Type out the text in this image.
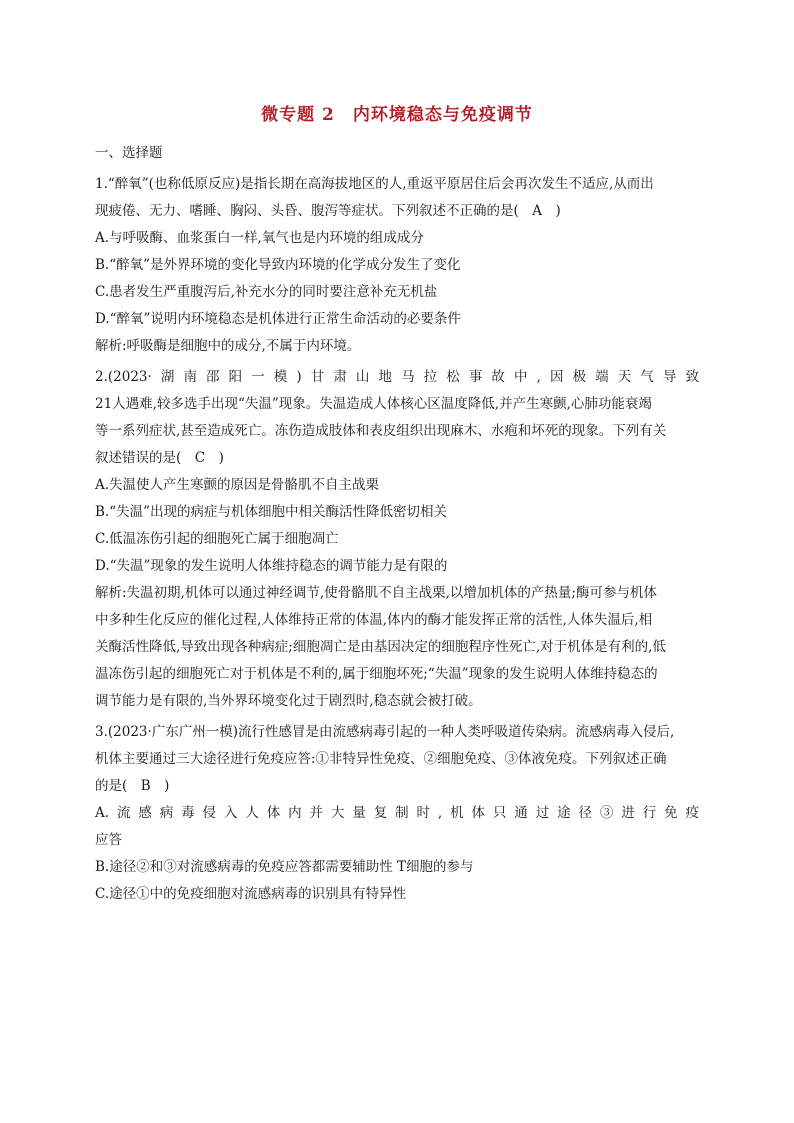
微专题 2　内环境稳态与免疫调节

一、选择题

1.“醉氧”(也称低原反应)是指长期在高海拔地区的人,重返平原居住后会再次发生不适应,从而出

现疲倦、无力、嗜睡、胸闷、头昏、腹泻等症状。下列叙述不正确的是(　A　)

A.与呼吸酶、血浆蛋白一样,氧气也是内环境的组成成分

B.“醉氧”是外界环境的变化导致内环境的化学成分发生了变化

C.患者发生严重腹泻后,补充水分的同时要注意补充无机盐

D.“醉氧”说明内环境稳态是机体进行正常生命活动的必要条件

解析:呼吸酶是细胞中的成分,不属于内环境。

2.(2023·湖南邵阳一模)甘肃山地马拉松事故中,因极端天气导致

21人遇难,较多选手出现“失温”现象。失温造成人体核心区温度降低,并产生寒颤,心肺功能衰竭

等一系列症状,甚至造成死亡。冻伤造成肢体和表皮组织出现麻木、水疱和坏死的现象。下列有关

叙述错误的是(　C　)

A.失温使人产生寒颤的原因是骨骼肌不自主战栗

B.“失温”出现的病症与机体细胞中相关酶活性降低密切相关

C.低温冻伤引起的细胞死亡属于细胞凋亡

D.“失温”现象的发生说明人体维持稳态的调节能力是有限的

解析:失温初期,机体可以通过神经调节,使骨骼肌不自主战栗,以增加机体的产热量;酶可参与机体

中多种生化反应的催化过程,人体维持正常的体温,体内的酶才能发挥正常的活性,人体失温后,相

关酶活性降低,导致出现各种病症;细胞凋亡是由基因决定的细胞程序性死亡,对于机体是有利的,低

温冻伤引起的细胞死亡对于机体是不利的,属于细胞坏死;“失温”现象的发生说明人体维持稳态的

调节能力是有限的,当外界环境变化过于剧烈时,稳态就会被打破。

3.(2023·广东广州一模)流行性感冒是由流感病毒引起的一种人类呼吸道传染病。流感病毒入侵后,

机体主要通过三大途径进行免疫应答:①非特异性免疫、②细胞免疫、③体液免疫。下列叙述正确

的是(　B　)

A.流感病毒侵入人体内并大量复制时,机体只通过途径③进行免疫

应答

B.途径②和③对流感病毒的免疫应答都需要辅助性 T细胞的参与

C.途径①中的免疫细胞对流感病毒的识别具有特异性
